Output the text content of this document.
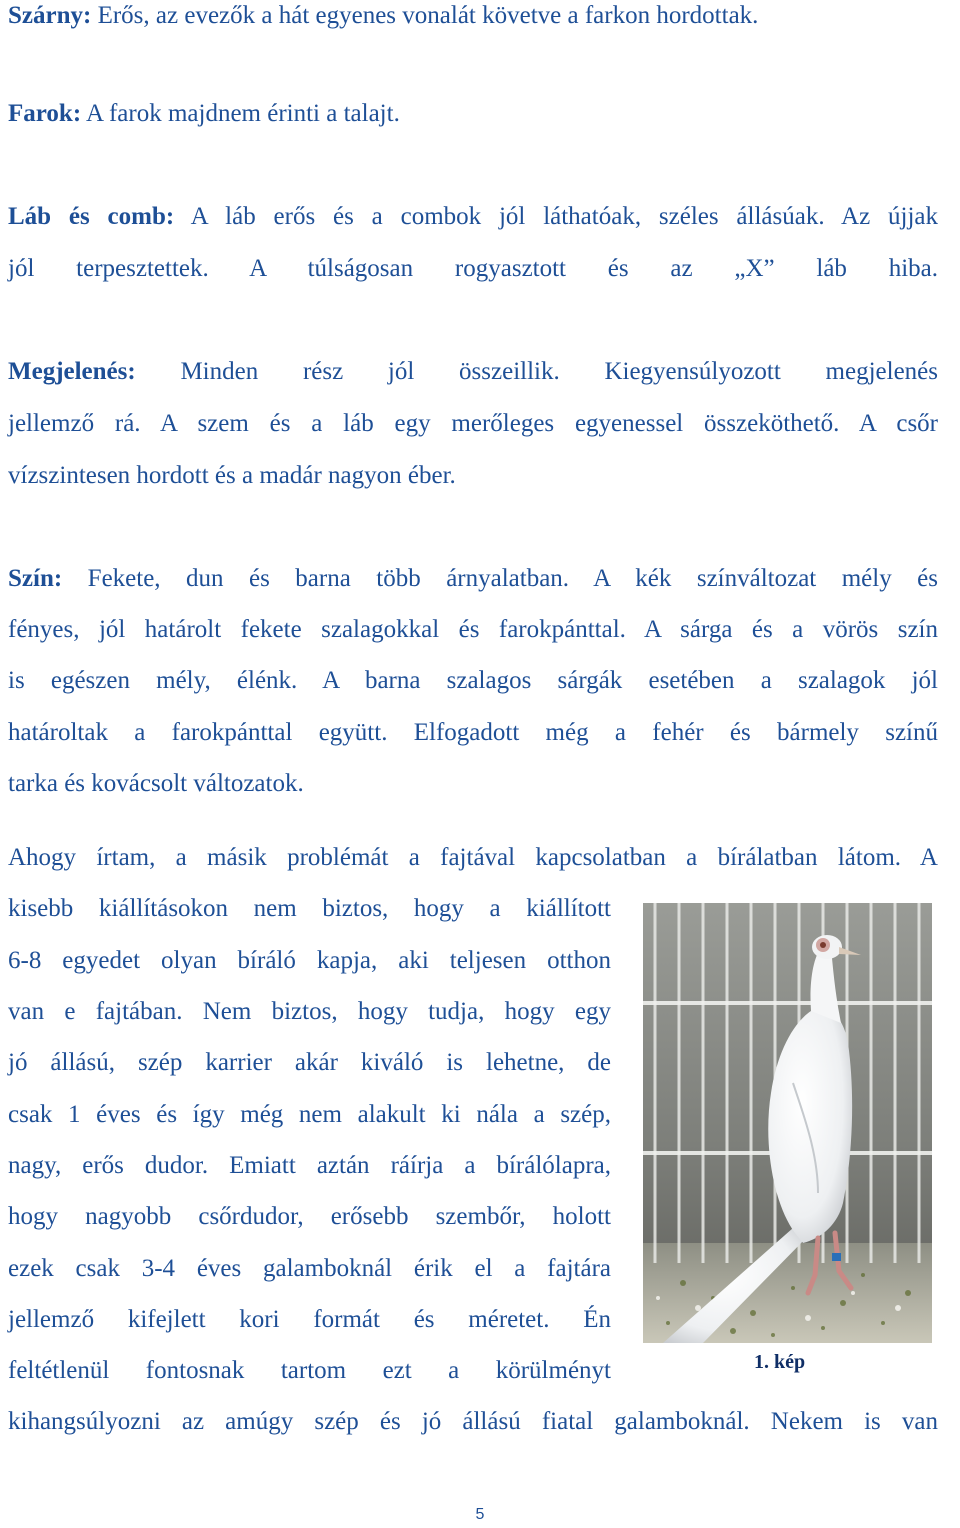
Szárny: Erős, az evezők a hát egyenes vonalát követve a farkon hordottak.
Farok: A farok majdnem érinti a talajt.
Láb és comb: A láb erős és a combok jól láthatóak, széles állásúak. Az újjak
jól terpesztettek. A túlságosan rogyasztott és az „X” láb hiba.
Megjelenés: Minden rész jól összeillik. Kiegyensúlyozott megjelenés
jellemző rá. A szem és a láb egy merőleges egyenessel összeköthető. A csőr
vízszintesen hordott és a madár nagyon éber.
Szín: Fekete, dun és barna több árnyalatban. A kék színváltozat mély és
fényes, jól határolt fekete szalagokkal és farokpánttal. A sárga és a vörös szín
is egészen mély, élénk. A barna szalagos sárgák esetében a szalagok jól
határoltak a farokpánttal együtt. Elfogadott még a fehér és bármely színű
tarka és kovácsolt változatok.
Ahogy írtam, a másik problémát a fajtával kapcsolatban a bírálatban látom. A
kisebb kiállításokon nem biztos, hogy a kiállított
6-8 egyedet olyan bíráló kapja, aki teljesen otthon
van e fajtában. Nem biztos, hogy tudja, hogy egy
jó állású, szép karrier akár kiváló is lehetne, de
csak 1 éves és így még nem alakult ki nála a szép,
nagy, erős dudor. Emiatt aztán ráírja a bírálólapra,
hogy nagyobb csőrdudor, erősebb szembőr, holott
ezek csak 3-4 éves galamboknál érik el a fajtára
jellemző kifejlett kori formát és méretet. Én
feltétlenül fontosnak tartom ezt a körülményt
kihangsúlyozni az amúgy szép és jó állású fiatal galamboknál. Nekem is van
1. kép
5
